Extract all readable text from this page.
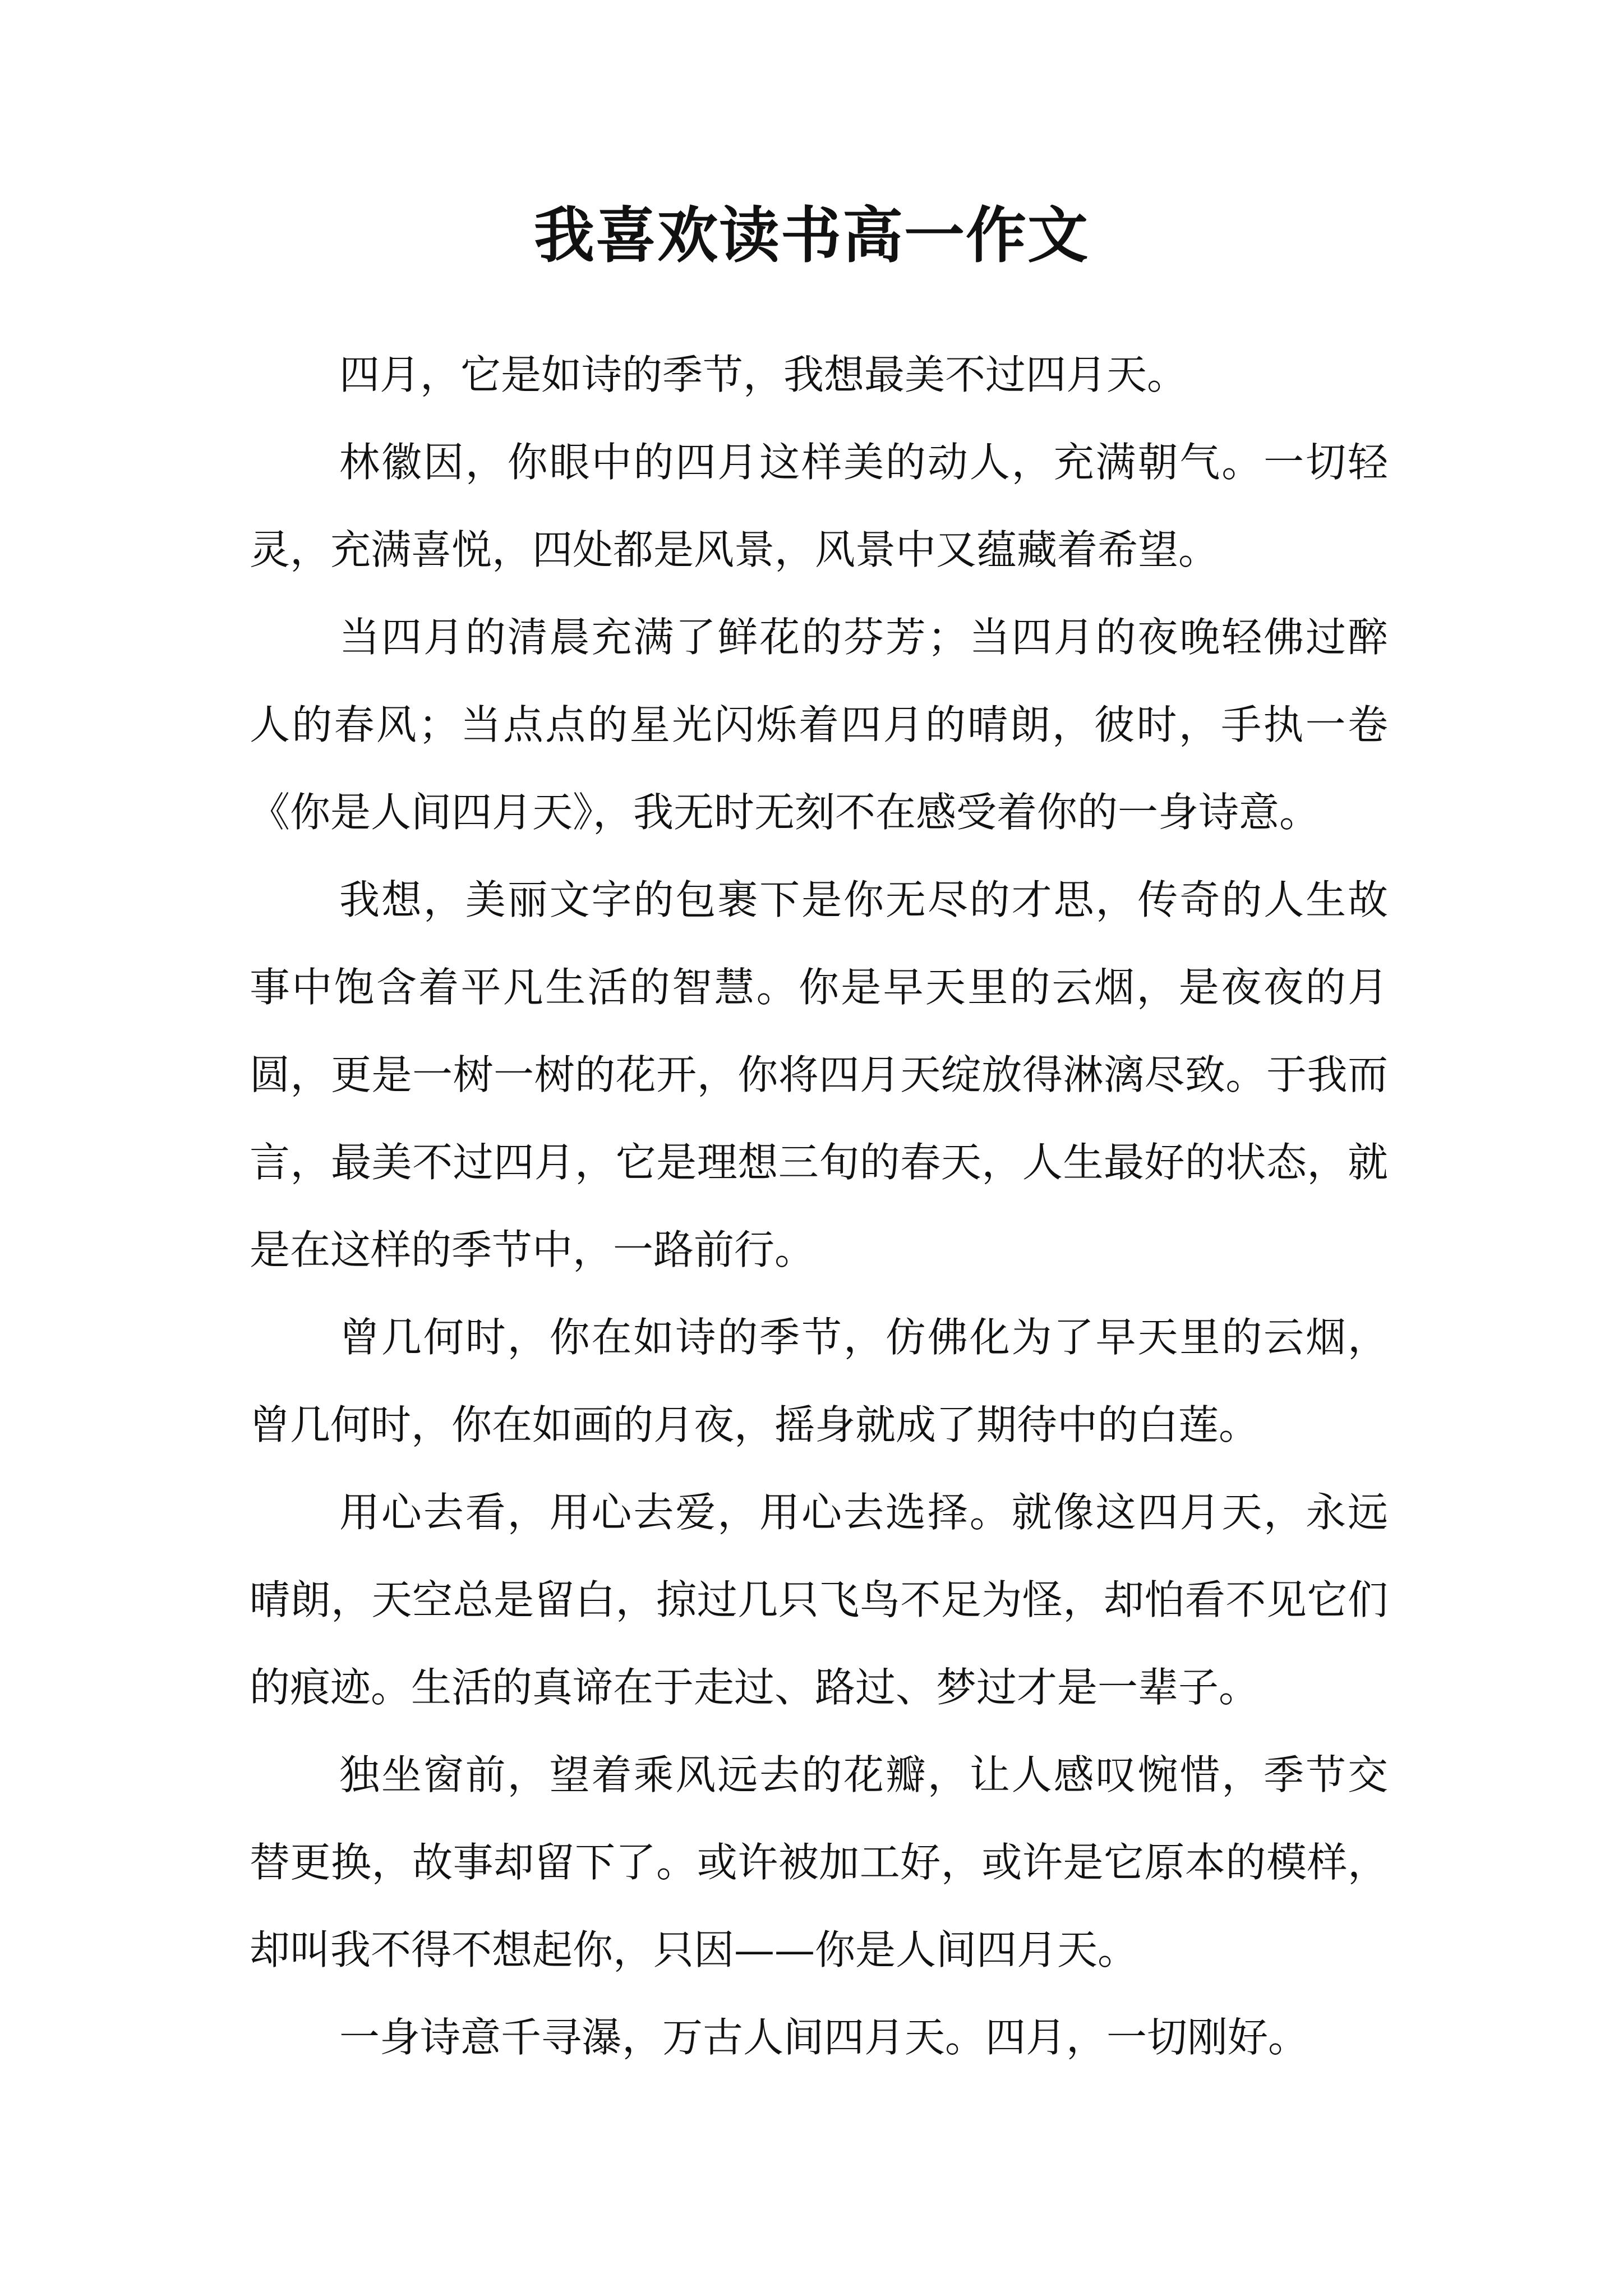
我喜欢读书高一作文

四月，它是如诗的季节，我想最美不过四月天。

林徽因，你眼中的四月这样美的动人，充满朝气。一切轻灵，充满喜悦，四处都是风景，风景中又蕴藏着希望。

当四月的清晨充满了鲜花的芬芳；当四月的夜晚轻佛过醉人的春风；当点点的星光闪烁着四月的晴朗，彼时，手执一卷《你是人间四月天》，我无时无刻不在感受着你的一身诗意。

我想，美丽文字的包裹下是你无尽的才思，传奇的人生故事中饱含着平凡生活的智慧。你是早天里的云烟，是夜夜的月圆，更是一树一树的花开，你将四月天绽放得淋漓尽致。于我而言，最美不过四月，它是理想三旬的春天，人生最好的状态，就是在这样的季节中，一路前行。

曾几何时，你在如诗的季节，仿佛化为了早天里的云烟，曾几何时，你在如画的月夜，摇身就成了期待中的白莲。

用心去看，用心去爱，用心去选择。就像这四月天，永远晴朗，天空总是留白，掠过几只飞鸟不足为怪，却怕看不见它们的痕迹。生活的真谛在于走过、路过、梦过才是一辈子。

独坐窗前，望着乘风远去的花瓣，让人感叹惋惜，季节交替更换，故事却留下了。或许被加工好，或许是它原本的模样，却叫我不得不想起你，只因——你是人间四月天。

一身诗意千寻瀑，万古人间四月天。四月，一切刚好。
